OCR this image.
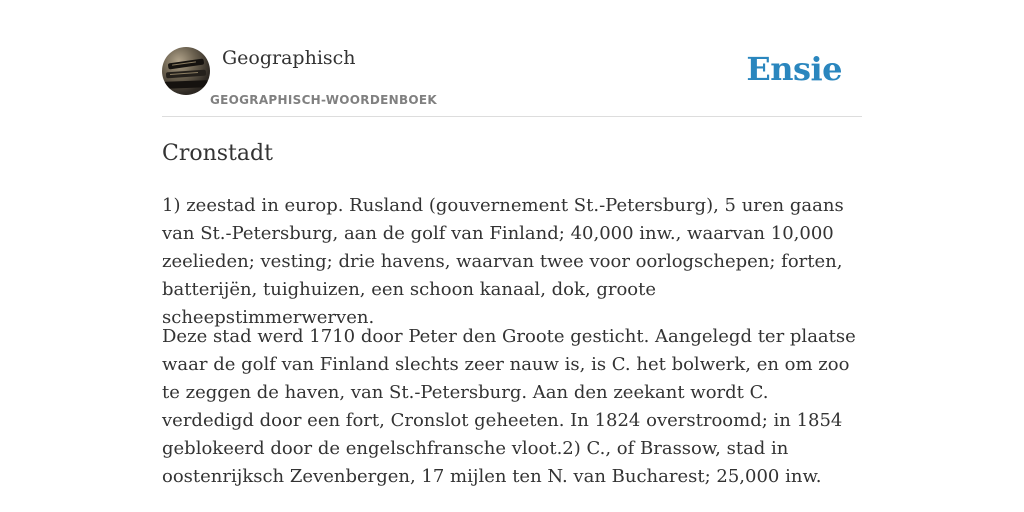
Geographisch
GEOGRAPHISCH-WOORDENBOEK
Ensie
Cronstadt

1) zeestad in europ. Rusland (gouvernement St.-Petersburg), 5 uren gaans van St.-Petersburg, aan de golf van Finland; 40,000 inw., waarvan 10,000 zeelieden; vesting; drie havens, waarvan twee voor oorlogschepen; forten, batterijën, tuighuizen, een schoon kanaal, dok, groote scheepstimmerwerven.

Deze stad werd 1710 door Peter den Groote gesticht. Aangelegd ter plaatse waar de golf van Finland slechts zeer nauw is, is C. het bolwerk, en om zoo te zeggen de haven, van St.-Petersburg. Aan den zeekant wordt C. verdedigd door een fort, Cronslot geheeten. In 1824 overstroomd; in 1854 geblokeerd door de engelschfransche vloot.2) C., of Brassow, stad in oostenrijksch Zevenbergen, 17 mijlen ten N. van Bucharest; 25,000 inw.
